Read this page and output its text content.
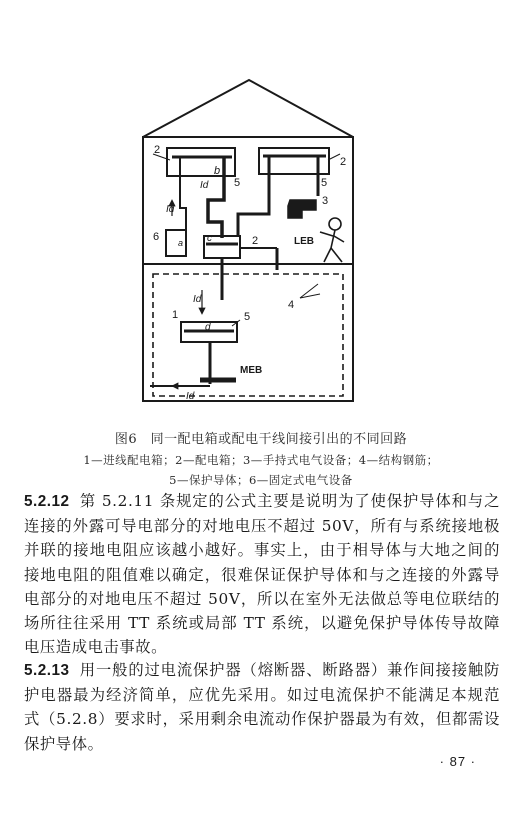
2
b
Id 5
2
5
Id
3
6 a c	2	LEB
4
Id
1
d
5
MEB
Id
图6　同一配电箱或配电干线间接引出的不同回路
1—进线配电箱；2—配电箱；3—手持式电气设备；4—结构钢筋；
5—保护导体；6—固定式电气设备
5.2.12 第 5.2.11 条规定的公式主要是说明为了使保护导体和与之连接的外露可导电部分的对地电压不超过 50V，所有与系统接地极并联的接地电阻应该越小越好。事实上，由于相导体与大地之间的接地电阻的阻值难以确定，很难保证保护导体和与之连接的外露导电部分的对地电压不超过 50V，所以在室外无法做总等电位联结的场所往往采用 TT 系统或局部 TT 系统，以避免保护导体传导故障电压造成电击事故。
5.2.13 用一般的过电流保护器（熔断器、断路器）兼作间接接触防护电器最为经济简单，应优先采用。如过电流保护不能满足本规范式（5.2.8）要求时，采用剩余电流动作保护器最为有效，但都需设保护导体。
· 87 ·
